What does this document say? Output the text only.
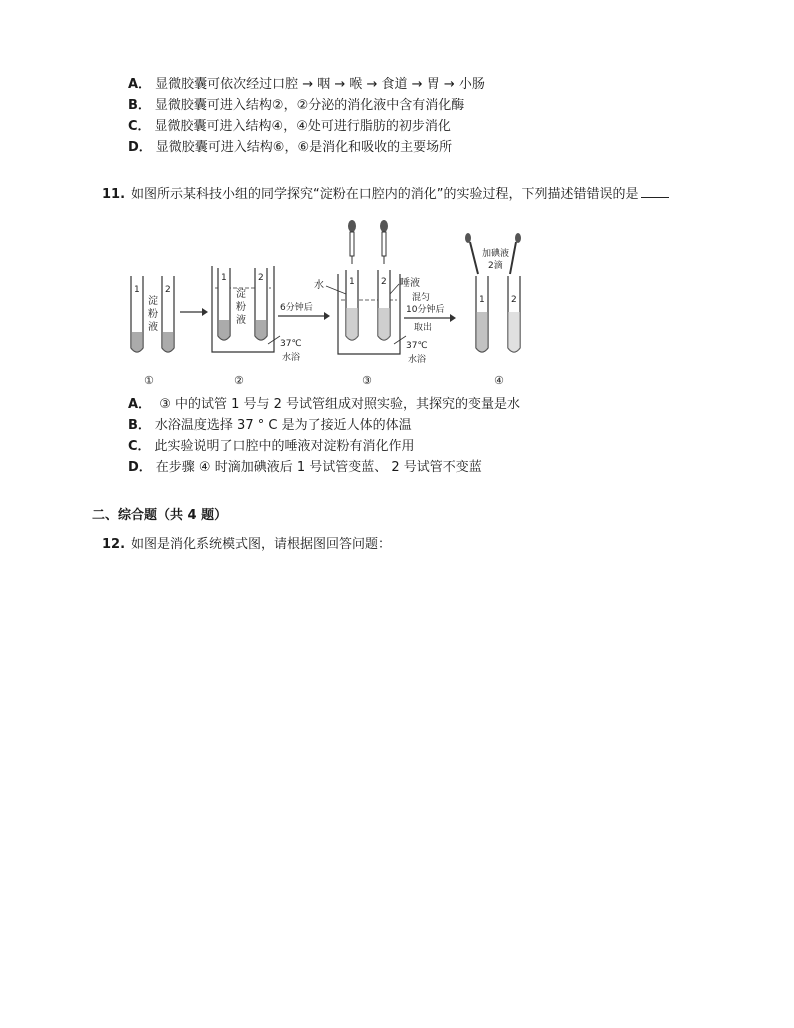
A． 显微胶囊可依次经过口腔 → 咽 → 喉 → 食道 → 胃 → 小肠
B． 显微胶囊可进入结构②，②分泌的消化液中含有消化酶
C． 显微胶囊可进入结构④，④处可进行脂肪的初步消化
D． 显微胶囊可进入结构⑥，⑥是消化和吸收的主要场所
11. 如图所示某科技小组的同学探究“淀粉在口腔内的消化”的实验过程，下列描述错错误的是
1	2
淀
粉
液
1	2
淀
粉
液
37℃
水浴
6分钟后
1	2
水	唾液
混匀
37℃
水浴
10分钟后
取出
加碘液
2滴
1	2
①	②	③	④
A． ③ 中的试管 1 号与 2 号试管组成对照实验，其探究的变量是水
B． 水浴温度选择 37 ° C 是为了接近人体的体温
C． 此实验说明了口腔中的唾液对淀粉有消化作用
D． 在步骤 ④ 时滴加碘液后 1 号试管变蓝、 2 号试管不变蓝
二、综合题（共 4 题）
12. 如图是消化系统模式图，请根据图回答问题：
